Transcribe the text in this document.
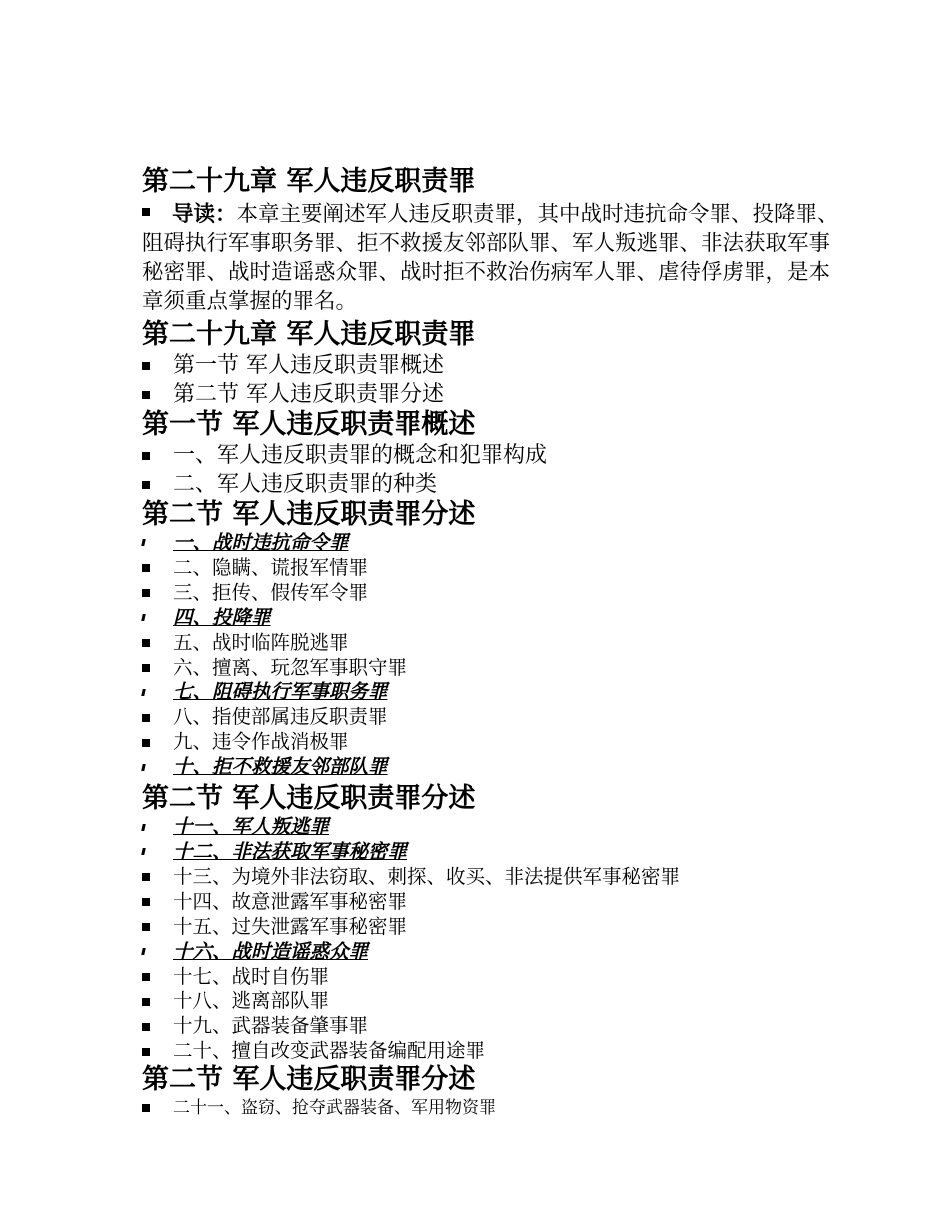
第二十九章 军人违反职责罪

导读：本章主要阐述军人违反职责罪，其中战时违抗命令罪、投降罪、阻碍执行军事职务罪、拒不救援友邻部队罪、军人叛逃罪、非法获取军事秘密罪、战时造谣惑众罪、战时拒不救治伤病军人罪、虐待俘虏罪，是本章须重点掌握的罪名。

第二十九章 军人违反职责罪
第一节 军人违反职责罪概述
第二节 军人违反职责罪分述
第一节 军人违反职责罪概述
一、军人违反职责罪的概念和犯罪构成
二、军人违反职责罪的种类
第二节 军人违反职责罪分述
一、战时违抗命令罪
二、隐瞒、谎报军情罪
三、拒传、假传军令罪
四、投降罪
五、战时临阵脱逃罪
六、擅离、玩忽军事职守罪
七、阻碍执行军事职务罪
八、指使部属违反职责罪
九、违令作战消极罪
十、拒不救援友邻部队罪
第二节 军人违反职责罪分述
十一、军人叛逃罪
十二、非法获取军事秘密罪
十三、为境外非法窃取、刺探、收买、非法提供军事秘密罪
十四、故意泄露军事秘密罪
十五、过失泄露军事秘密罪
十六、战时造谣惑众罪
十七、战时自伤罪
十八、逃离部队罪
十九、武器装备肇事罪
二十、擅自改变武器装备编配用途罪
第二节 军人违反职责罪分述
二十一、盗窃、抢夺武器装备、军用物资罪
